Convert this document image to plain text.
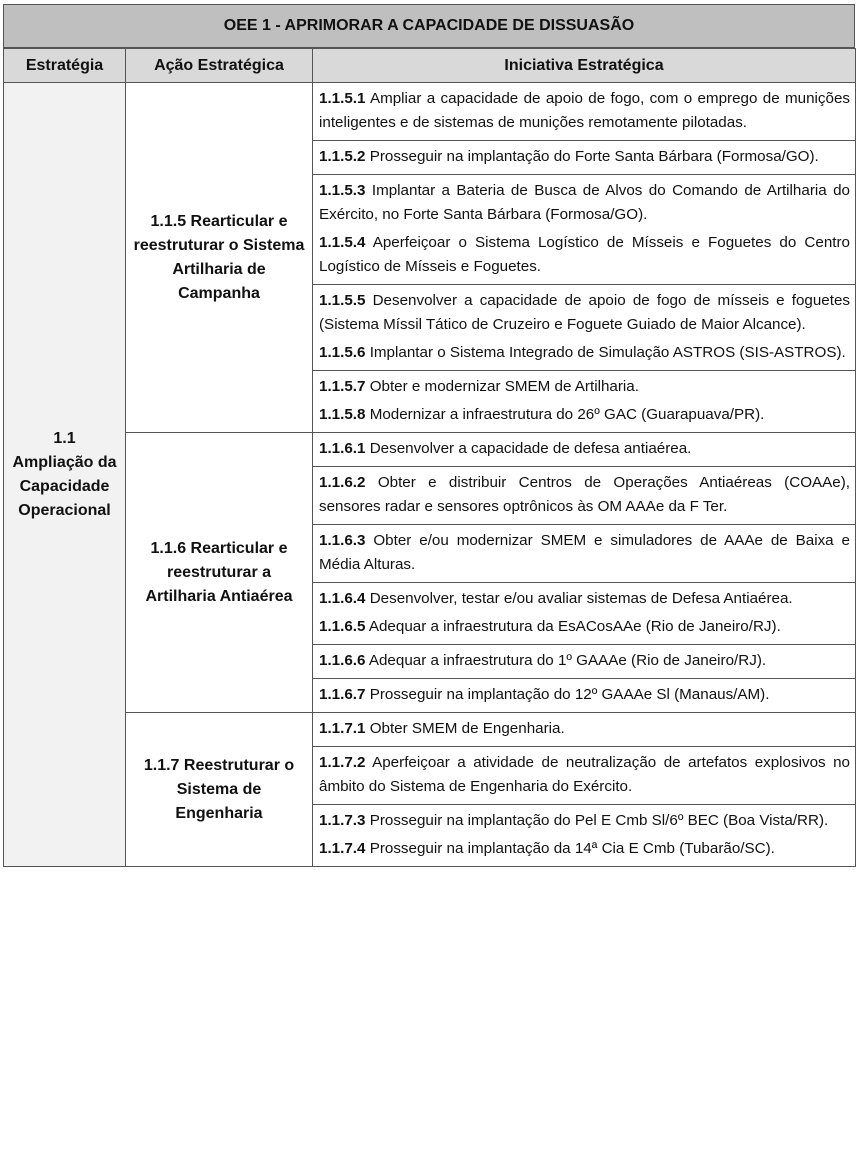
OEE 1 - APRIMORAR A CAPACIDADE DE DISSUASÃO
Estratégia	Ação Estratégica	Iniciativa Estratégica

1.1
Ampliação da
Capacidade
Operacional	1.1.5 Rearticular e reestruturar o Sistema Artilharia de Campanha	1.1.5.1 Ampliar a capacidade de apoio de fogo, com o emprego de munições inteligentes e de sistemas de munições remotamente pilotadas.

		1.1.5.2 Prosseguir na implantação do Forte Santa Bárbara (Formosa/GO).

		1.1.5.3 Implantar a Bateria de Busca de Alvos do Comando de Artilharia do Exército, no Forte Santa Bárbara (Formosa/GO).
1.1.5.4 Aperfeiçoar o Sistema Logístico de Mísseis e Foguetes do Centro Logístico de Mísseis e Foguetes.

		1.1.5.5 Desenvolver a capacidade de apoio de fogo de mísseis e foguetes (Sistema Míssil Tático de Cruzeiro e Foguete Guiado de Maior Alcance).
1.1.5.6 Implantar o Sistema Integrado de Simulação ASTROS (SIS-ASTROS).

		1.1.5.7 Obter e modernizar SMEM de Artilharia.
1.1.5.8 Modernizar a infraestrutura do 26º GAC (Guarapuava/PR).

	1.1.6 Rearticular e reestruturar a Artilharia Antiaérea	1.1.6.1 Desenvolver a capacidade de defesa antiaérea.

		1.1.6.2 Obter e distribuir Centros de Operações Antiaéreas (COAAe), sensores radar e sensores optrônicos às OM AAAe da F Ter.

		1.1.6.3 Obter e/ou modernizar SMEM e simuladores de AAAe de Baixa e Média Alturas.

		1.1.6.4 Desenvolver, testar e/ou avaliar sistemas de Defesa Antiaérea.
1.1.6.5 Adequar a infraestrutura da EsACosAAe (Rio de Janeiro/RJ).

		1.1.6.6 Adequar a infraestrutura do 1º GAAAe (Rio de Janeiro/RJ).

		1.1.6.7 Prosseguir na implantação do 12º GAAAe Sl (Manaus/AM).

	1.1.7 Reestruturar o Sistema de Engenharia	1.1.7.1 Obter SMEM de Engenharia.

		1.1.7.2 Aperfeiçoar a atividade de neutralização de artefatos explosivos no âmbito do Sistema de Engenharia do Exército.

		1.1.7.3 Prosseguir na implantação do Pel E Cmb Sl/6º BEC (Boa Vista/RR).
1.1.7.4 Prosseguir na implantação da 14ª Cia E Cmb (Tubarão/SC).
